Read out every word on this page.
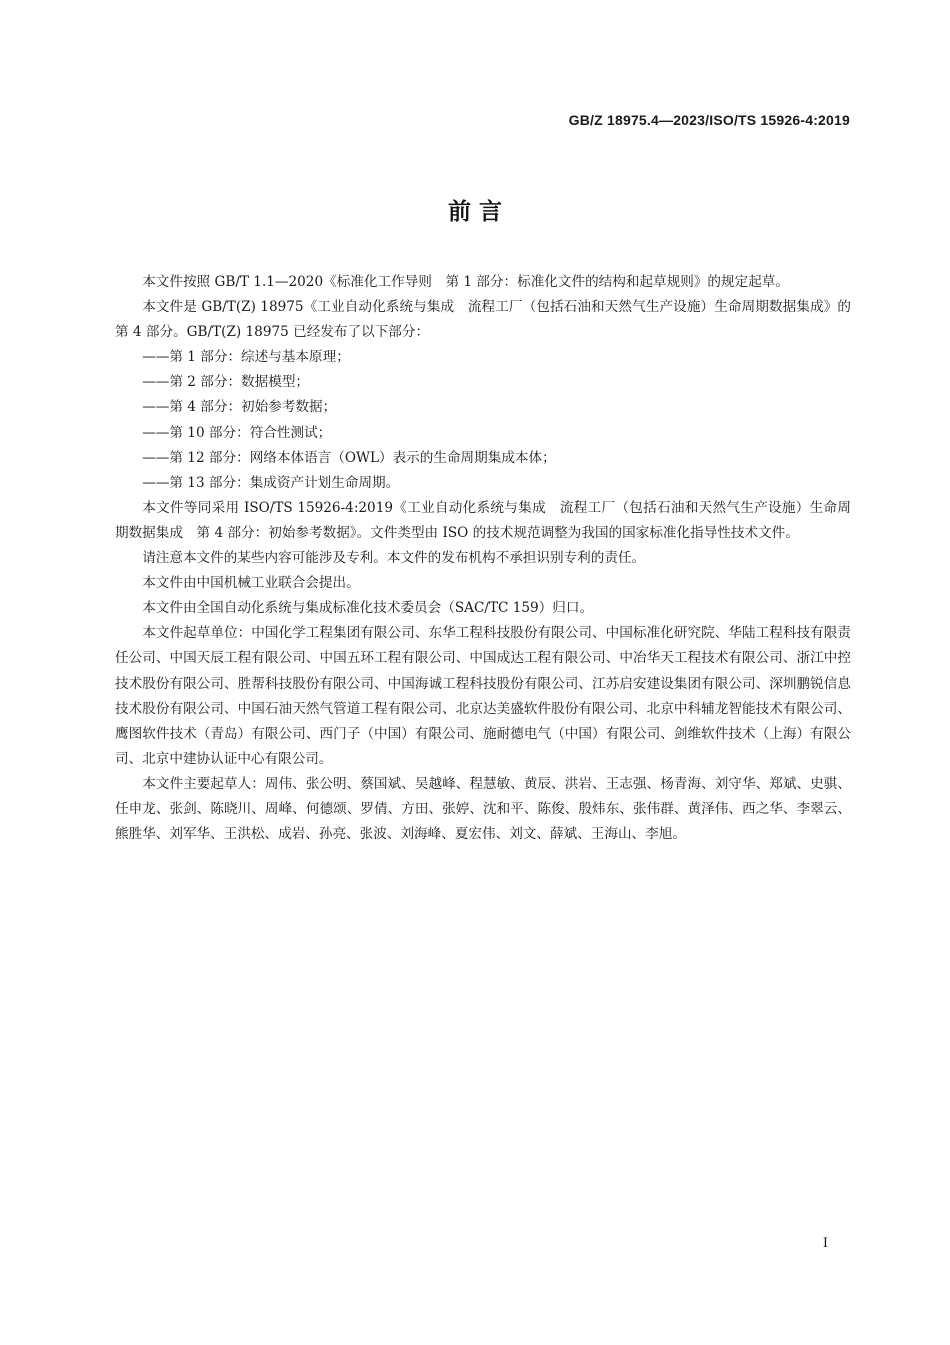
GB/Z 18975.4—2023/ISO/TS 15926-4:2019
前 言

本文件按照 GB/T 1.1—2020《标准化工作导则　第 1 部分：标准化文件的结构和起草规则》的规定起草。

本文件是 GB/T(Z) 18975《工业自动化系统与集成　流程工厂（包括石油和天然气生产设施）生命周期数据集成》的第 4 部分。GB/T(Z) 18975 已经发布了以下部分：

——第 1 部分：综述与基本原理；

——第 2 部分：数据模型；

——第 4 部分：初始参考数据；

——第 10 部分：符合性测试；

——第 12 部分：网络本体语言（OWL）表示的生命周期集成本体；

——第 13 部分：集成资产计划生命周期。

本文件等同采用 ISO/TS 15926-4:2019《工业自动化系统与集成　流程工厂（包括石油和天然气生产设施）生命周期数据集成　第 4 部分：初始参考数据》。文件类型由 ISO 的技术规范调整为我国的国家标准化指导性技术文件。

请注意本文件的某些内容可能涉及专利。本文件的发布机构不承担识别专利的责任。

本文件由中国机械工业联合会提出。

本文件由全国自动化系统与集成标准化技术委员会（SAC/TC 159）归口。

本文件起草单位：中国化学工程集团有限公司、东华工程科技股份有限公司、中国标准化研究院、华陆工程科技有限责任公司、中国天辰工程有限公司、中国五环工程有限公司、中国成达工程有限公司、中冶华天工程技术有限公司、浙江中控技术股份有限公司、胜帮科技股份有限公司、中国海诚工程科技股份有限公司、江苏启安建设集团有限公司、深圳鹏锐信息技术股份有限公司、中国石油天然气管道工程有限公司、北京达美盛软件股份有限公司、北京中科辅龙智能技术有限公司、鹰图软件技术（青岛）有限公司、西门子（中国）有限公司、施耐德电气（中国）有限公司、剑维软件技术（上海）有限公司、北京中建协认证中心有限公司。

本文件主要起草人：周伟、张公明、蔡国斌、吴越峰、程慧敏、黄辰、洪岩、王志强、杨青海、刘守华、郑斌、史骐、任申龙、张剑、陈晓川、周峰、何德颂、罗倩、方田、张婷、沈和平、陈俊、殷炜东、张伟群、黄泽伟、西之华、李翠云、熊胜华、刘军华、王洪松、成岩、孙亮、张波、刘海峰、夏宏伟、刘文、薛斌、王海山、李旭。

I
